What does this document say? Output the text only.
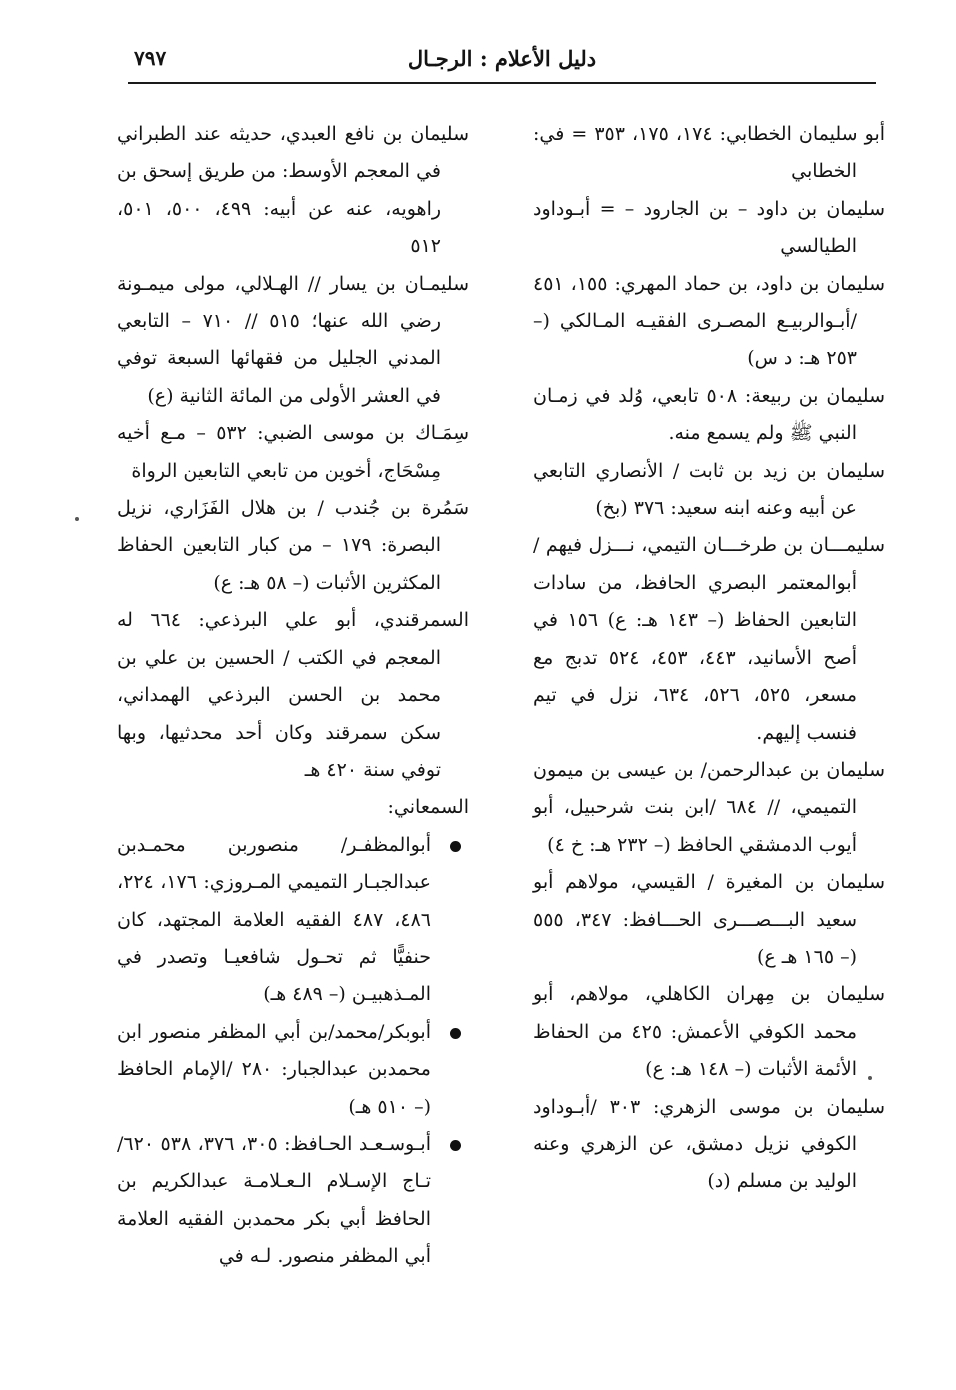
دليل الأعلام : الرجـال
٧٩٧

أبو سليمان الخطابي: ١٧٤، ١٧٥، ٣٥٣ = في: الخطابي

سليمان بن داود – بن الجارود – = أبـوداود الطيالسي

سليمان بن داود، بن حماد المهري: ١٥٥، ٤٥١ /أبـوالربيـع المصـرى الفقيـه المـالكي (– ٢٥٣ هـ: د س)

سليمان بن ربيعة: ٥٠٨ تابعي، وُلد في زمـان النبي ﷺ ولم يسمع منه.

سليمان بن زيد بن ثابت / الأنصاري التابعي عن أبيه وعنه ابنه سعيد: ٣٧٦ (بخ)

سليمـــان بن طرخـــان التيمي، نـــزل فيهم /أبوالمعتمر البصري الحافظ، من سادات التابعين الحفاظ (– ١٤٣ هـ: ع) ١٥٦ في أصح الأسانيد، ٤٤٣، ٤٥٣، ٥٢٤ تدبج مع مسعر، ٥٢٥، ٥٢٦، ٦٣٤، نزل في تيم فنسب إليهم.

سليمان بن عبدالرحمن/ بن عيسى بن ميمون التميمي، // ٦٨٤ /ابن بنت شرحبيل، أبو أيوب الدمشقي الحافظ (– ٢٣٢ هـ: خ ٤)

سليمان بن المغيرة / القيسي، مولاهم أبو سعيد البـــصـــرى الحـــافظ: ٣٤٧، ٥٥٥ (– ١٦٥ هـ ع)

سليمان بن مِهران الكاهلي، مولاهم، أبو محمد الكوفي الأعمش: ٤٢٥ من الحفاظ الأئمة الأثبات (– ١٤٨ هـ: ع)

سليمان بن موسى الزهري: ٣٠٣ /أبـوداود الكوفي نزيل دمشق، عن الزهري وعنه الوليد بن مسلم (د)

سليمان بن نافع العبدي، حديثه عند الطبراني في المعجم الأوسط: من طريق إسحق بن راهويه، عنه عن أبيه: ٤٩٩، ٥٠٠، ٥٠١، ٥١٢

سليمـان بن يسار // الهـلالي، مولى ميمـونة رضي الله عنها؛ ٥١٥ // ٧١٠ – التابعي المدني الجليل من فقهائها السبعة توفي في العشر الأولى من المائة الثانية (ع)

سِمَـاك بن موسى الضبي: ٥٣٢ – مـع أخيه مِسْحَاج، أخوين من تابعي التابعين الرواة

سَمُرة بن جُندب / بن هلال الفَزَاري، نزيل البصرة: ١٧٩ – من كبار التابعين الحفاظ المكثرين الأثبات (– ٥٨ هـ: ع)

السمرقندي، أبو علي البرذعي: ٦٦٤ له المعجم في الكتب / الحسين بن علي بن محمد بن الحسن البرذعي الهمداني، سكن سمرقند وكان أحد محدثيها، وبها توفي سنة ٤٢٠ هـ

السمعاني:

أبوالمظفـر/ منصوربن محمـدبن عبدالجبـار التميمي المـروزي: ١٧٦، ٢٢٤، ٤٨٦، ٤٨٧ الفقيه العلامة المجتهد، كان حنفيًّا ثم تحـول شافعيـا وتصدر في المـذهبيـن (– ٤٨٩ هـ)

أبوبكر/محمد/بن أبي المظفر منصور ابن محمدبن عبدالجبار: ٢٨٠ /الإمام الحافظ (– ٥١٠ هـ)

أبـوسـعـد الحـافظ: ٣٠٥، ٣٧٦، ٥٣٨ ٦٢٠/تـاج الإسـلام الـعـلامـة عبدالكريم بن الحافظ أبي بكر محمدبن الفقيه العلامة أبي المظفر منصور. لـه في
